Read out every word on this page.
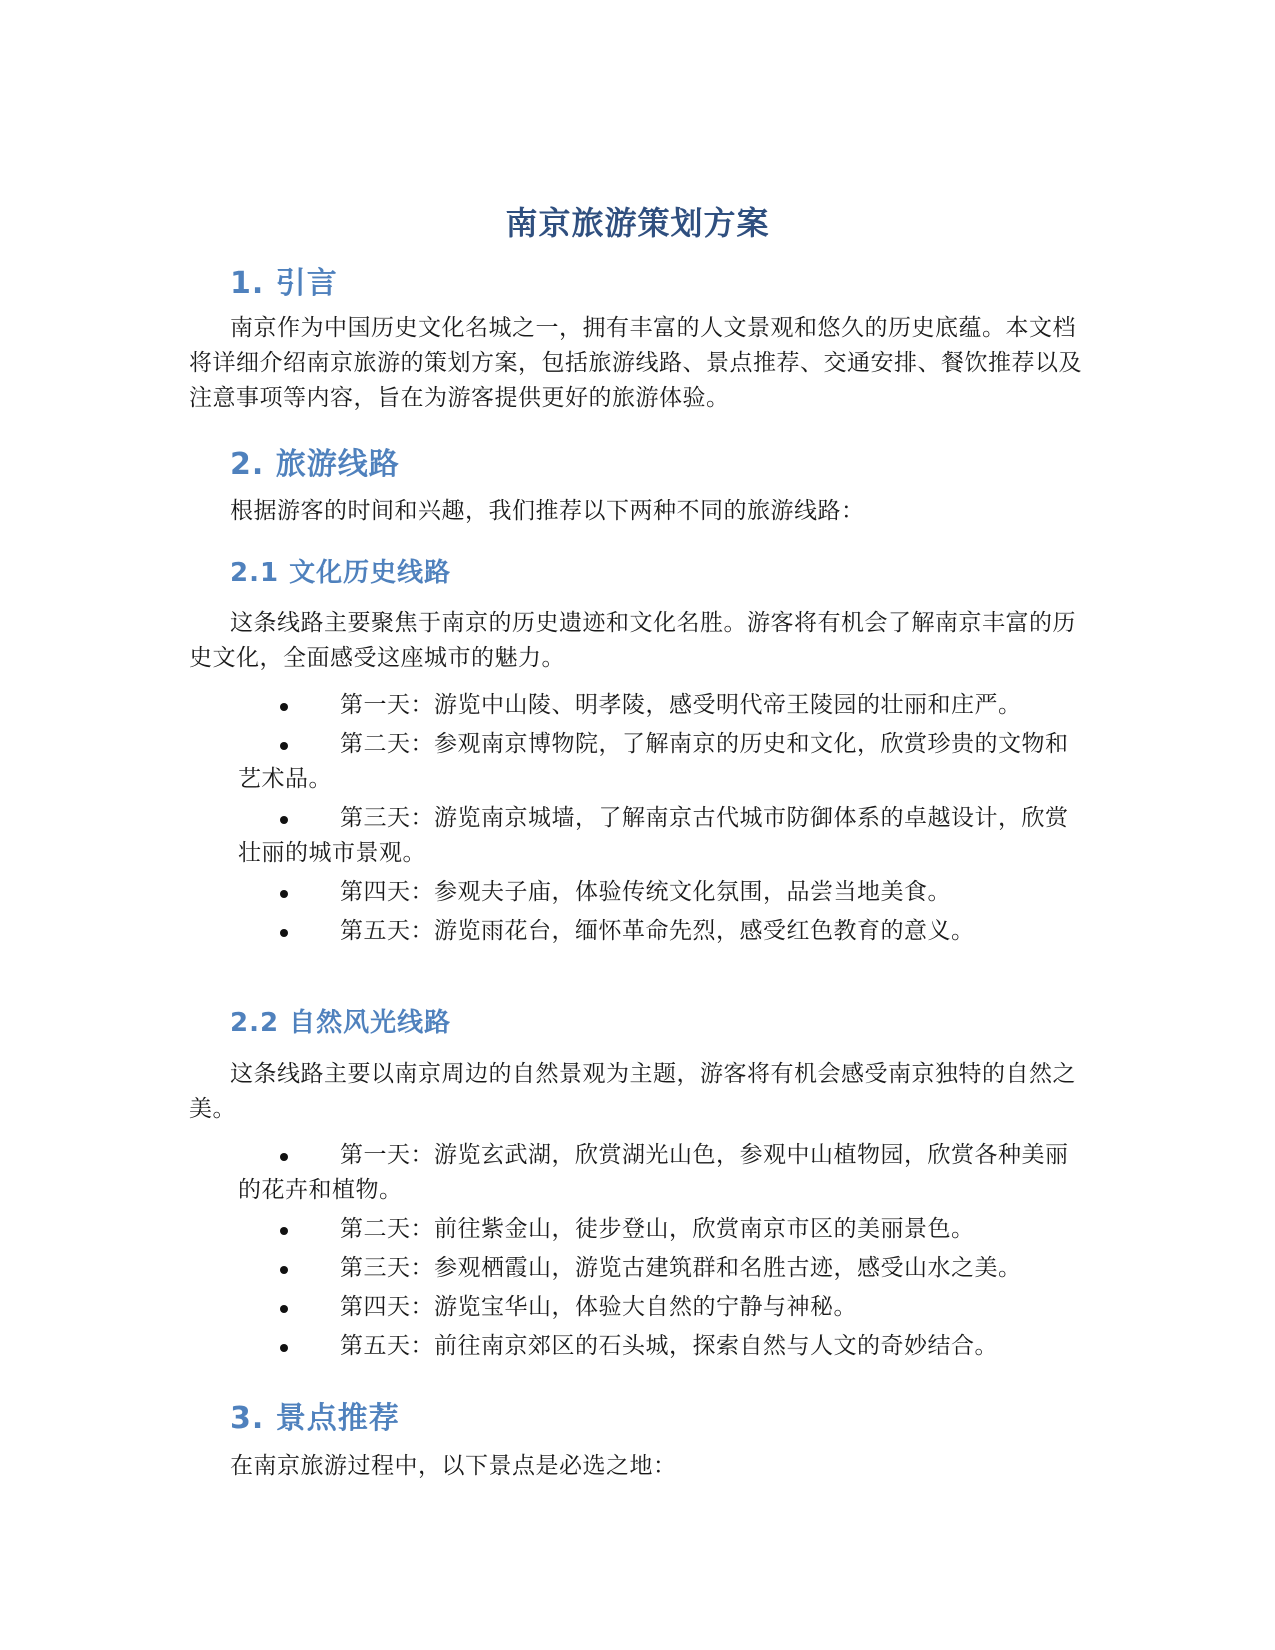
南京旅游策划方案
1. 引言
南京作为中国历史文化名城之一，拥有丰富的人文景观和悠久的历史底蕴。本文档将详细介绍南京旅游的策划方案，包括旅游线路、景点推荐、交通安排、餐饮推荐以及注意事项等内容，旨在为游客提供更好的旅游体验。
2. 旅游线路
根据游客的时间和兴趣，我们推荐以下两种不同的旅游线路：
2.1 文化历史线路
这条线路主要聚焦于南京的历史遗迹和文化名胜。游客将有机会了解南京丰富的历史文化，全面感受这座城市的魅力。
第一天：游览中山陵、明孝陵，感受明代帝王陵园的壮丽和庄严。
第二天：参观南京博物院，了解南京的历史和文化，欣赏珍贵的文物和艺术品。
第三天：游览南京城墙，了解南京古代城市防御体系的卓越设计，欣赏壮丽的城市景观。
第四天：参观夫子庙，体验传统文化氛围，品尝当地美食。
第五天：游览雨花台，缅怀革命先烈，感受红色教育的意义。
2.2 自然风光线路
这条线路主要以南京周边的自然景观为主题，游客将有机会感受南京独特的自然之美。
第一天：游览玄武湖，欣赏湖光山色，参观中山植物园，欣赏各种美丽的花卉和植物。
第二天：前往紫金山，徒步登山，欣赏南京市区的美丽景色。
第三天：参观栖霞山，游览古建筑群和名胜古迹，感受山水之美。
第四天：游览宝华山，体验大自然的宁静与神秘。
第五天：前往南京郊区的石头城，探索自然与人文的奇妙结合。
3. 景点推荐
在南京旅游过程中，以下景点是必选之地：
